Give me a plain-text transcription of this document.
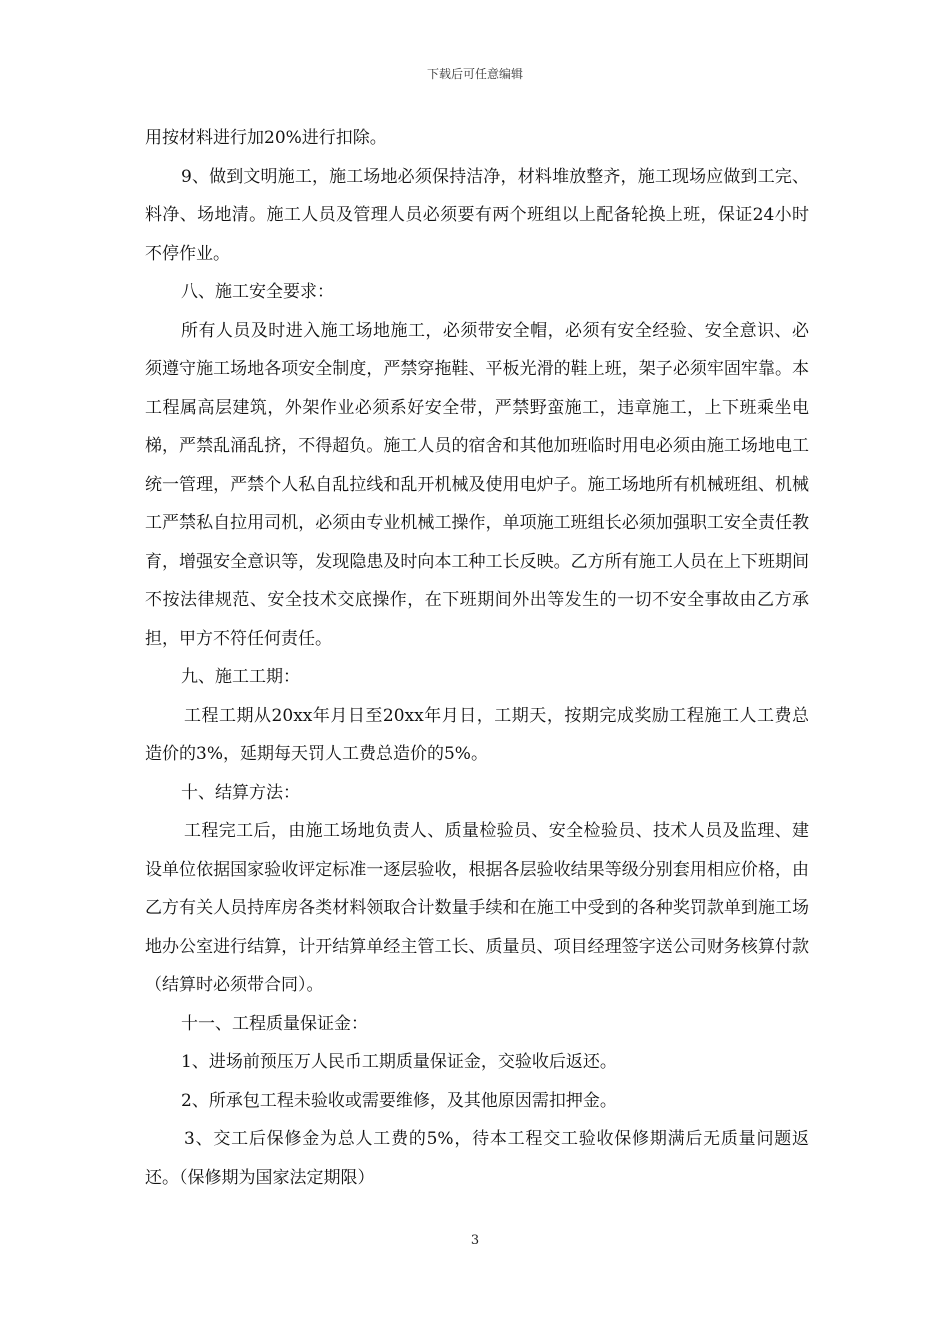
下载后可任意编辑

用按材料进行加20%进行扣除。

9、做到文明施工，施工场地必须保持洁净，材料堆放整齐，施工现场应做到工完、料净、场地清。施工人员及管理人员必须要有两个班组以上配备轮换上班，保证24小时不停作业。

八、施工安全要求：

所有人员及时进入施工场地施工，必须带安全帽，必须有安全经验、安全意识、必须遵守施工场地各项安全制度，严禁穿拖鞋、平板光滑的鞋上班，架子必须牢固牢靠。本工程属高层建筑，外架作业必须系好安全带，严禁野蛮施工，违章施工，上下班乘坐电梯，严禁乱涌乱挤，不得超负。施工人员的宿舍和其他加班临时用电必须由施工场地电工统一管理，严禁个人私自乱拉线和乱开机械及使用电炉子。施工场地所有机械班组、机械工严禁私自拉用司机，必须由专业机械工操作，单项施工班组长必须加强职工安全责任教育，增强安全意识等，发现隐患及时向本工种工长反映。乙方所有施工人员在上下班期间不按法律规范、安全技术交底操作，在下班期间外出等发生的一切不安全事故由乙方承担，甲方不符任何责任。

九、施工工期：

工程工期从20xx年月日至20xx年月日，工期天，按期完成奖励工程施工人工费总造价的3%，延期每天罚人工费总造价的5%。

十、结算方法：

工程完工后，由施工场地负责人、质量检验员、安全检验员、技术人员及监理、建设单位依据国家验收评定标准一逐层验收，根据各层验收结果等级分别套用相应价格，由乙方有关人员持库房各类材料领取合计数量手续和在施工中受到的各种奖罚款单到施工场地办公室进行结算，计开结算单经主管工长、质量员、项目经理签字送公司财务核算付款（结算时必须带合同）。

十一、工程质量保证金：

1、进场前预压万人民币工期质量保证金，交验收后返还。

2、所承包工程未验收或需要维修，及其他原因需扣押金。

3、交工后保修金为总人工费的5%，待本工程交工验收保修期满后无质量问题返还。（保修期为国家法定期限）

3
